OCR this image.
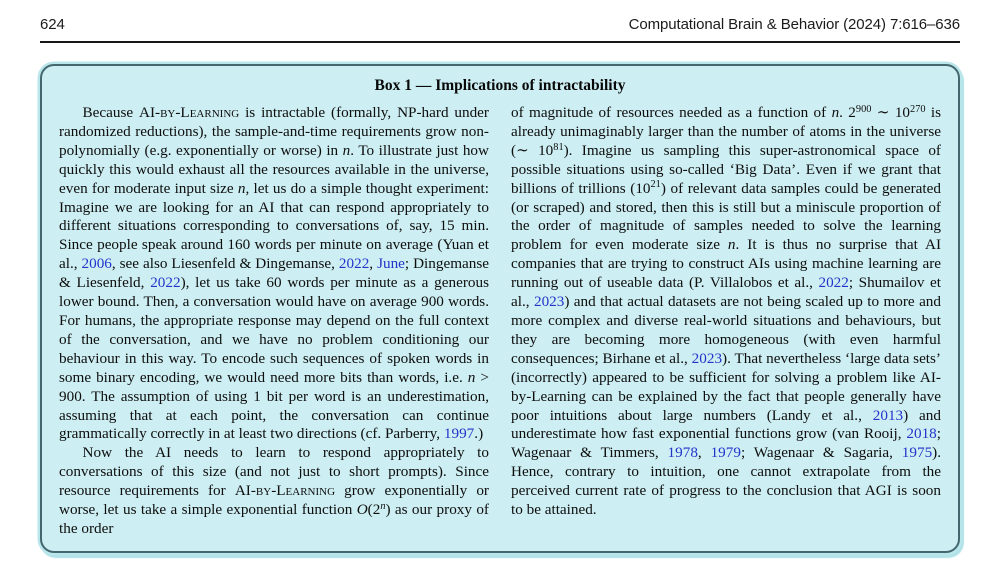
624	Computational Brain & Behavior (2024) 7:616–636
Box 1 — Implications of intractability

Because AI-by-Learning is intractable (formally, NP-hard under randomized reductions), the sample-and-time requirements grow non-polynomially (e.g. exponentially or worse) in n. To illustrate just how quickly this would exhaust all the resources available in the universe, even for moderate input size n, let us do a simple thought experiment: Imagine we are looking for an AI that can respond appropriately to different situations corresponding to conversations of, say, 15 min. Since people speak around 160 words per minute on average (Yuan et al., 2006, see also Liesenfeld & Dingemanse, 2022, June; Dingemanse & Liesenfeld, 2022), let us take 60 words per minute as a generous lower bound. Then, a conversation would have on average 900 words. For humans, the appropriate response may depend on the full context of the conversation, and we have no problem conditioning our behaviour in this way. To encode such sequences of spoken words in some binary encoding, we would need more bits than words, i.e. n > 900. The assumption of using 1 bit per word is an underestimation, assuming that at each point, the conversation can continue grammatically correctly in at least two directions (cf. Parberry, 1997.)

Now the AI needs to learn to respond appropriately to conversations of this size (and not just to short prompts). Since resource requirements for AI-by-Learning grow exponentially or worse, let us take a simple exponential function O(2$^n$) as our proxy of the order

of magnitude of resources needed as a function of n. $2^{900}$ ∼ $10^{270}$ is already unimaginably larger than the number of atoms in the universe (∼ $10^{81}$). Imagine us sampling this super-astronomical space of possible situations using so-called ‘Big Data’. Even if we grant that billions of trillions $(10^{21})$ of relevant data samples could be generated (or scraped) and stored, then this is still but a miniscule proportion of the order of magnitude of samples needed to solve the learning problem for even moderate size n. It is thus no surprise that AI companies that are trying to construct AIs using machine learning are running out of useable data (P. Villalobos et al., 2022; Shumailov et al., 2023) and that actual datasets are not being scaled up to more and more complex and diverse real-world situations and behaviours, but they are becoming more homogeneous (with even harmful consequences; Birhane et al., 2023). That nevertheless ‘large data sets’ (incorrectly) appeared to be sufficient for solving a problem like AI-by-Learning can be explained by the fact that people generally have poor intuitions about large numbers (Landy et al., 2013) and underestimate how fast exponential functions grow (van Rooij, 2018; Wagenaar & Timmers, 1978, 1979; Wagenaar & Sagaria, 1975). Hence, contrary to intuition, one cannot extrapolate from the perceived current rate of progress to the conclusion that AGI is soon to be attained.
